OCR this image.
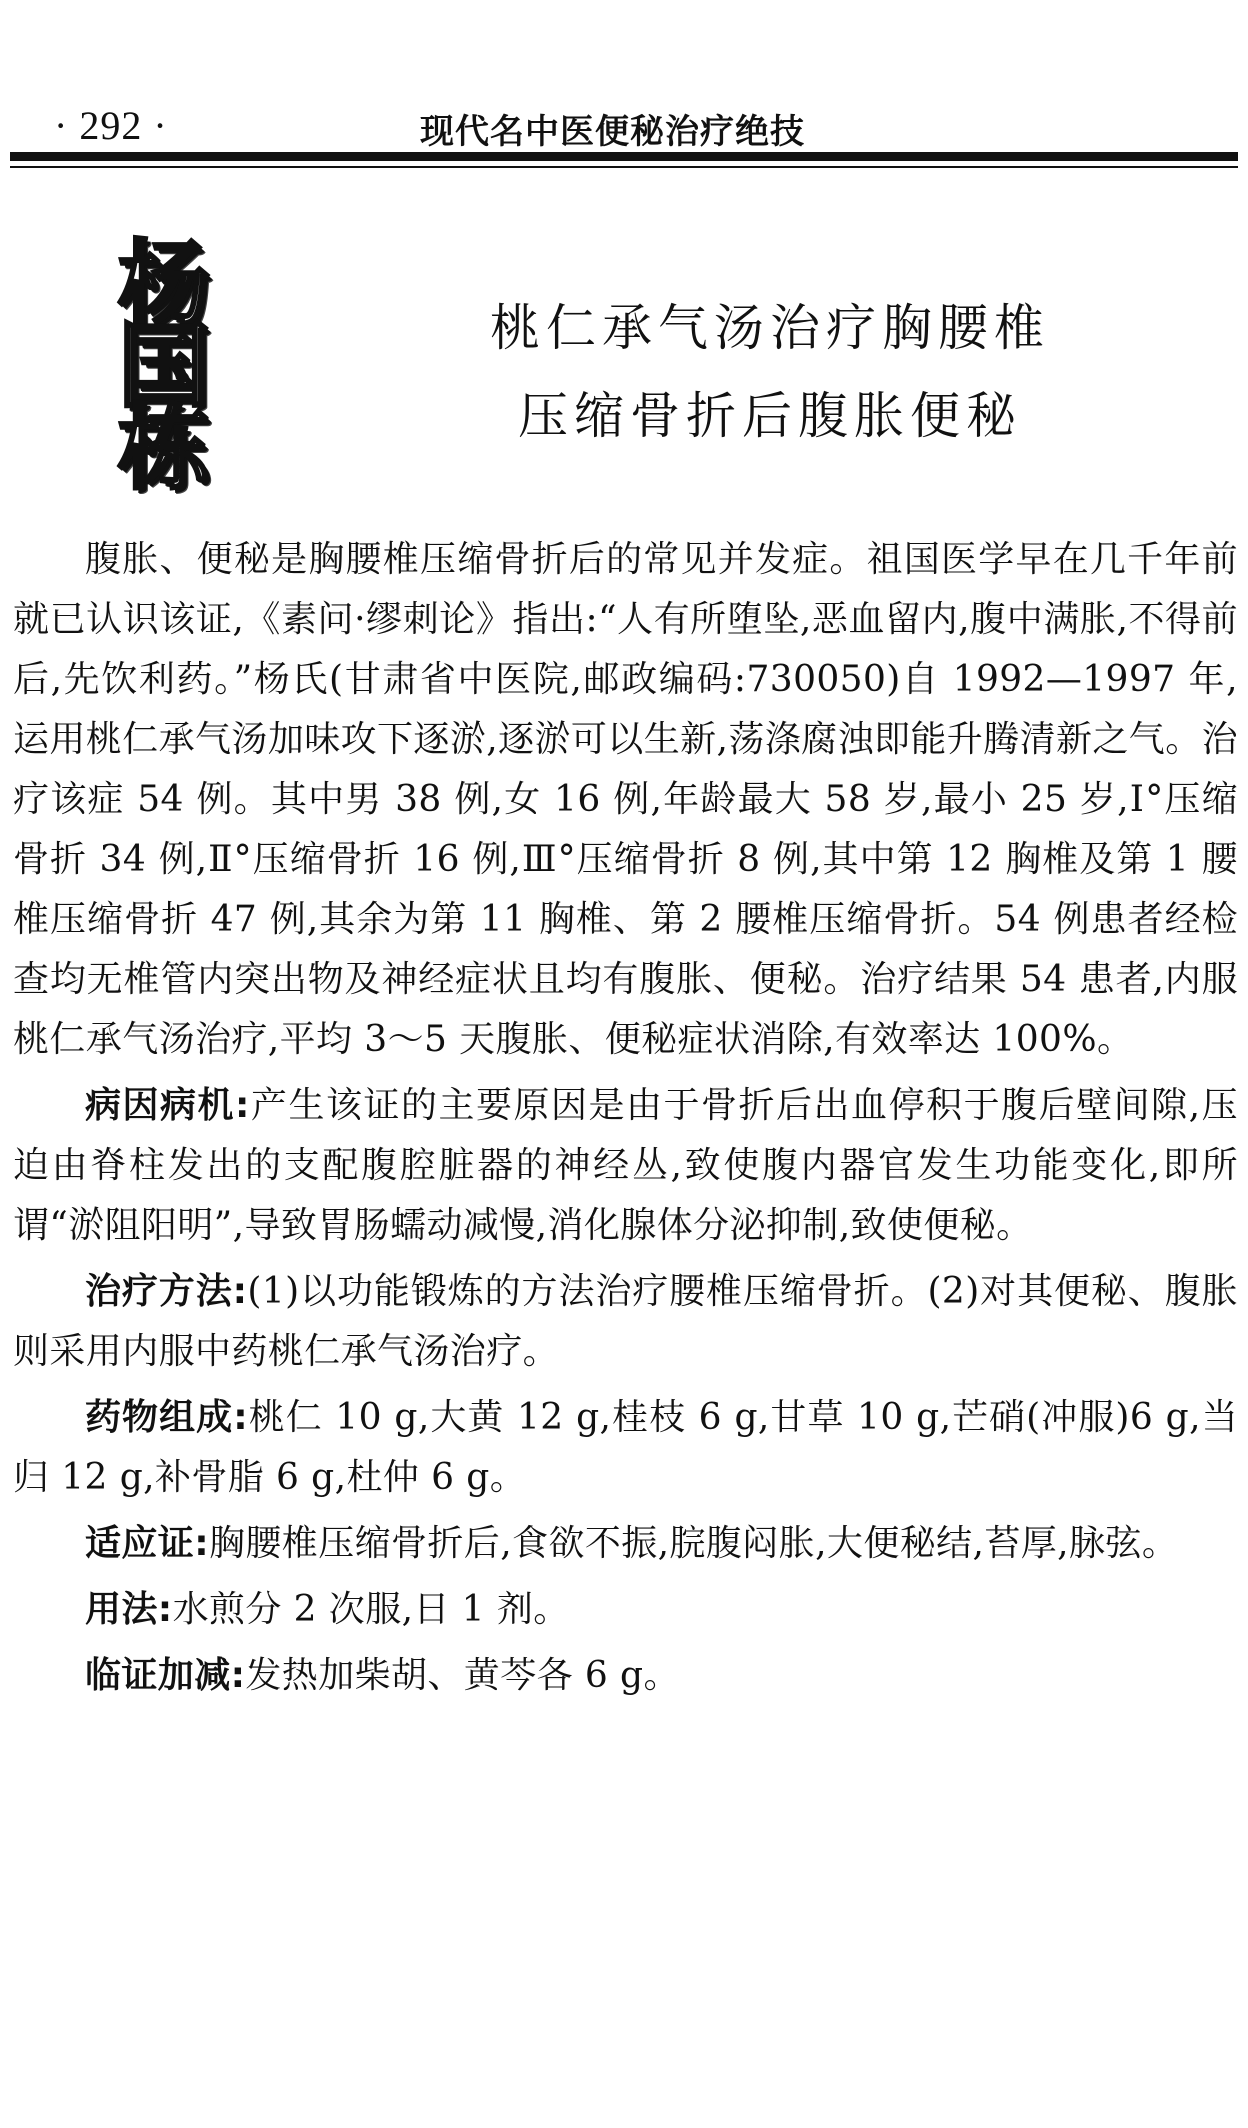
· 292 ·	现代名中医便秘治疗绝技
杨
国
栋
桃仁承气汤治疗胸腰椎
压缩骨折后腹胀便秘

腹胀、便秘是胸腰椎压缩骨折后的常见并发症。祖国医学早在几千年前就已认识该证,《素问·缪刺论》指出:“人有所堕坠,恶血留内,腹中满胀,不得前后,先饮利药。”杨氏(甘肃省中医院,邮政编码:730050)自 1992—1997 年,运用桃仁承气汤加味攻下逐淤,逐淤可以生新,荡涤腐浊即能升腾清新之气。治疗该症 54 例。其中男 38 例,女 16 例,年龄最大 58 岁,最小 25 岁,Ⅰ°压缩骨折 34 例,Ⅱ°压缩骨折 16 例,Ⅲ°压缩骨折 8 例,其中第 12 胸椎及第 1 腰椎压缩骨折 47 例,其余为第 11 胸椎、第 2 腰椎压缩骨折。54 例患者经检查均无椎管内突出物及神经症状且均有腹胀、便秘。治疗结果 54 患者,内服桃仁承气汤治疗,平均 3～5 天腹胀、便秘症状消除,有效率达 100%。

病因病机:产生该证的主要原因是由于骨折后出血停积于腹后壁间隙,压迫由脊柱发出的支配腹腔脏器的神经丛,致使腹内器官发生功能变化,即所谓“淤阻阳明”,导致胃肠蠕动减慢,消化腺体分泌抑制,致使便秘。

治疗方法:(1)以功能锻炼的方法治疗腰椎压缩骨折。(2)对其便秘、腹胀则采用内服中药桃仁承气汤治疗。

药物组成:桃仁 10 g,大黄 12 g,桂枝 6 g,甘草 10 g,芒硝(冲服)6 g,当归 12 g,补骨脂 6 g,杜仲 6 g。

适应证:胸腰椎压缩骨折后,食欲不振,脘腹闷胀,大便秘结,苔厚,脉弦。

用法:水煎分 2 次服,日 1 剂。

临证加减:发热加柴胡、黄芩各 6 g。
